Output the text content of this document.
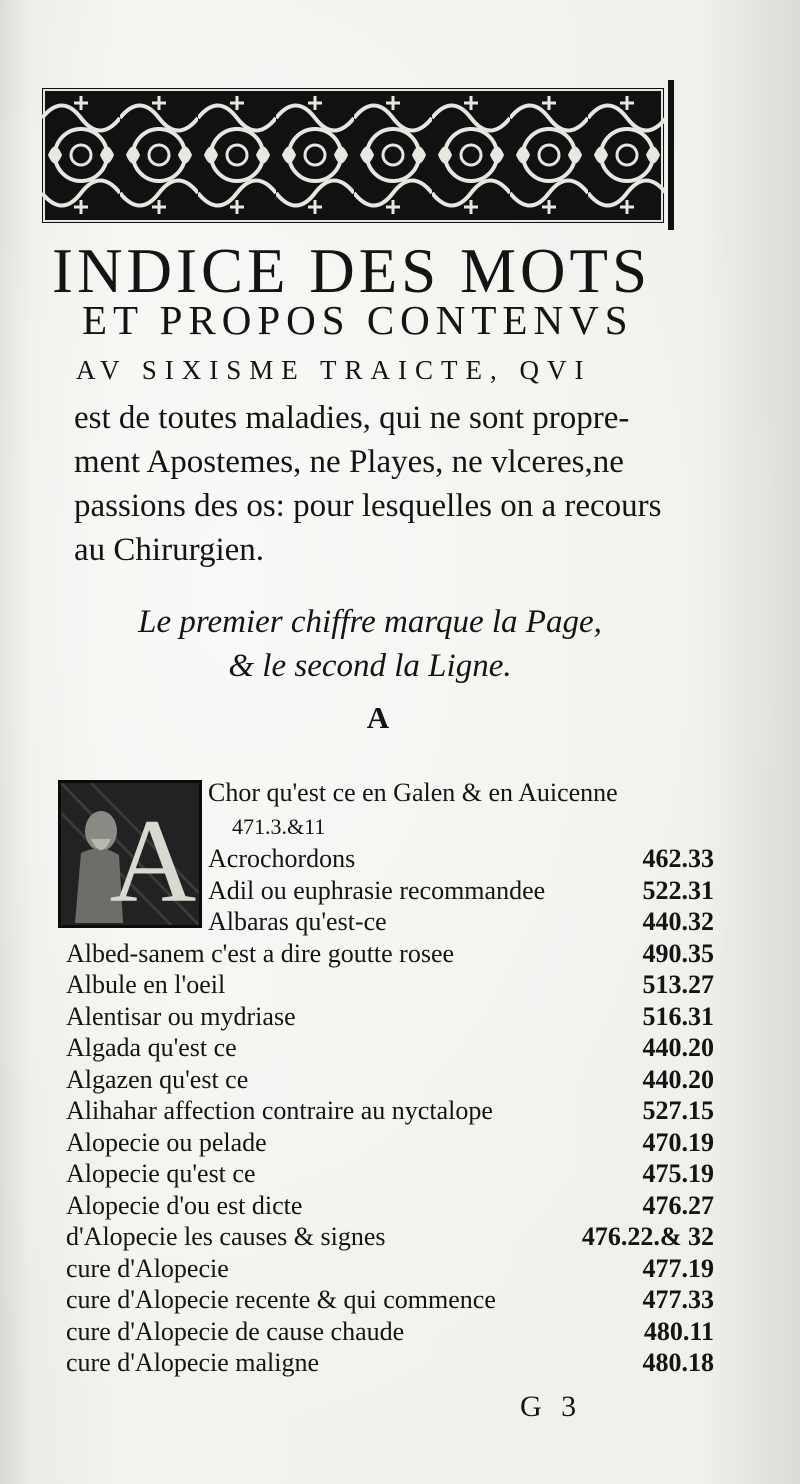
INDICE DES MOTS
ET PROPOS CONTENVS
AV SIXISME TRAICTE, QVI
est de toutes maladies, qui ne sont propre-
ment Apostemes, ne Playes, ne vlceres,ne
passions des os: pour lesquelles on a recours
au Chirurgien.
Le premier chiffre marque la Page,
& le second la Ligne.
A
A
Chor qu'est ce en Galen & en Auicenne
471.3.&11
Acrochordons	462.33
Adil ou euphrasie recommandee	522.31
Albaras qu'est-ce	440.32
Albed-sanem c'est a dire goutte rosee	490.35
Albule en l'oeil	513.27
Alentisar ou mydriase	516.31
Algada qu'est ce	440.20
Algazen qu'est ce	440.20
Alihahar affection contraire au nyctalope	527.15
Alopecie ou pelade	470.19
Alopecie qu'est ce	475.19
Alopecie d'ou est dicte	476.27
d'Alopecie les causes & signes	476.22.& 32
cure d'Alopecie	477.19
cure d'Alopecie recente & qui commence	477.33
cure d'Alopecie de cause chaude	480.11
cure d'Alopecie maligne	480.18
G 3
